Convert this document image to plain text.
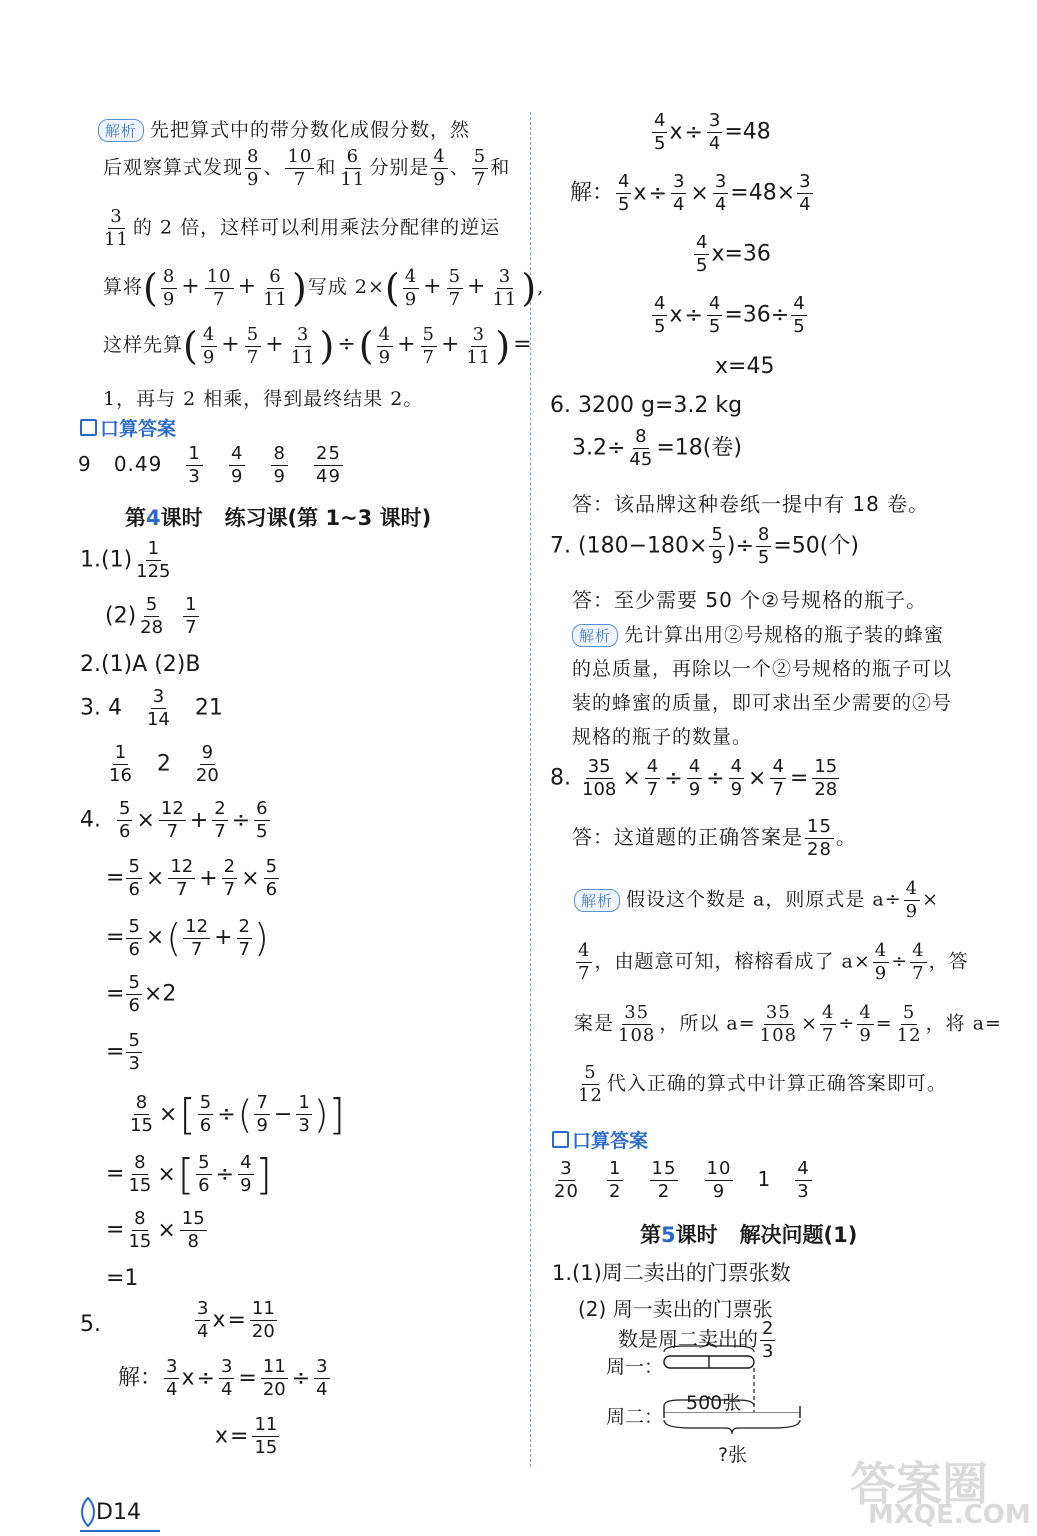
解析 先把算式中的带分数化成假分数，然
后观察算式发现 $\frac{8}{9}$ 、 $\frac{10}{7}$ 和 $\frac{6}{11}$ 分别是 $\frac{4}{9}$ 、 $\frac{5}{7}$ 和
$\frac{3}{11}$ 的 2 倍，这样可以利用乘法分配律的逆运
算将( $\frac{8}{9} + \frac{10}{7} + \frac{6}{11}$ )写成 $2\times( \frac{4}{9} + \frac{5}{7} + \frac{3}{11}$ ),
这样先算( $\frac{4}{9} + \frac{5}{7} + \frac{3}{11}$ )÷( $\frac{4}{9} + \frac{5}{7} + \frac{3}{11}$ )=
1，再与 2 相乘，得到最终结果 2。
口算答案
9 $0.49 \frac{1}{3}$
$\frac{4}{9}$
$\frac{8}{9}$
$\frac{25}{49}$
第4课时 练习课(第 1~3 课时)
$1.(1) \frac{1}{125}$
$(2) \frac{5}{28}$
$\frac{1}{7}$
2.(1)A (2)B
3. $4 \frac{3}{14} 21$
$\frac{1}{16} 2 \frac{9}{20}$
4. $\frac{5}{6} \times \frac{12}{7} + \frac{2}{7} \div \frac{6}{5}$
= $\frac{5}{6} \times \frac{12}{7} + \frac{2}{7} \times \frac{5}{6}$
= $\frac{5}{6}$ ×( $\frac{12}{7} + \frac{2}{7}$ )
= $\frac{5}{6} \times 2$
= $\frac{5}{3}$
$\frac{8}{15}$ ×[ $\frac{5}{6}$ ÷( $\frac{7}{9} - \frac{1}{3}$ )]
= $\frac{8}{15}$ ×[ $\frac{5}{6} \div \frac{4}{9}$ ]
= $\frac{8}{15} \times \frac{15}{8}$
=1
5.	$\frac{3}{4} x= \frac{11}{20}$
解： $\frac{3}{4} x\div \frac{3}{4} = \frac{11}{20} \div \frac{3}{4}$
$x= \frac{11}{15}$
$\frac{4}{5} x\div \frac{3}{4} =48$
解： $\frac{4}{5} x\div \frac{3}{4} \times \frac{3}{4} =48\times \frac{3}{4}$
$\frac{4}{5} x=36$
$\frac{4}{5} x\div \frac{4}{5} =36\div \frac{4}{5}$
x=45
6. 3200 g=3.2 kg
$3.2\div \frac{8}{45} =18$(卷)
答：该品牌这种卷纸一提中有 18 卷。
7. ($180-180\times \frac{5}{9}$ )÷ $\frac{8}{5} =50$(个)
答：至少需要 50 个②号规格的瓶子。
解析 先计算出用②号规格的瓶子装的蜂蜜
的总质量，再除以一个②号规格的瓶子可以
装的蜂蜜的质量，即可求出至少需要的②号
规格的瓶子的数量。
8. $\frac{35}{108} \times \frac{4}{7} \div \frac{4}{9} \div \frac{4}{9} \times \frac{4}{7} = \frac{15}{28}$
答：这道题的正确答案是 $\frac{15}{28}$ 。
解析 假设这个数是 a，则原式是 $a\div \frac{4}{9}$ ×
$\frac{4}{7}$ ，由题意可知，榕榕看成了 $a\times \frac{4}{9} \div \frac{4}{7}$ ，答
案是 $\frac{35}{108}$ ，所以 $a= \frac{35}{108} \times \frac{4}{7} \div \frac{4}{9} = \frac{5}{12}$ ，将 a=
$\frac{5}{12}$ 代入正确的算式中计算正确答案即可。
口算答案
$\frac{3}{20}$
$\frac{1}{2}$
$\frac{15}{2}$
$\frac{10}{9} 1 \frac{4}{3}$
第5课时 解决问题(1)
1.(1)周二卖出的门票张数
(2) 周一卖出的门票张
数是周二卖出的 $\frac{2}{3}$
周一：
周二：
500张
?张
D14
答案圈
MXQE.COM
